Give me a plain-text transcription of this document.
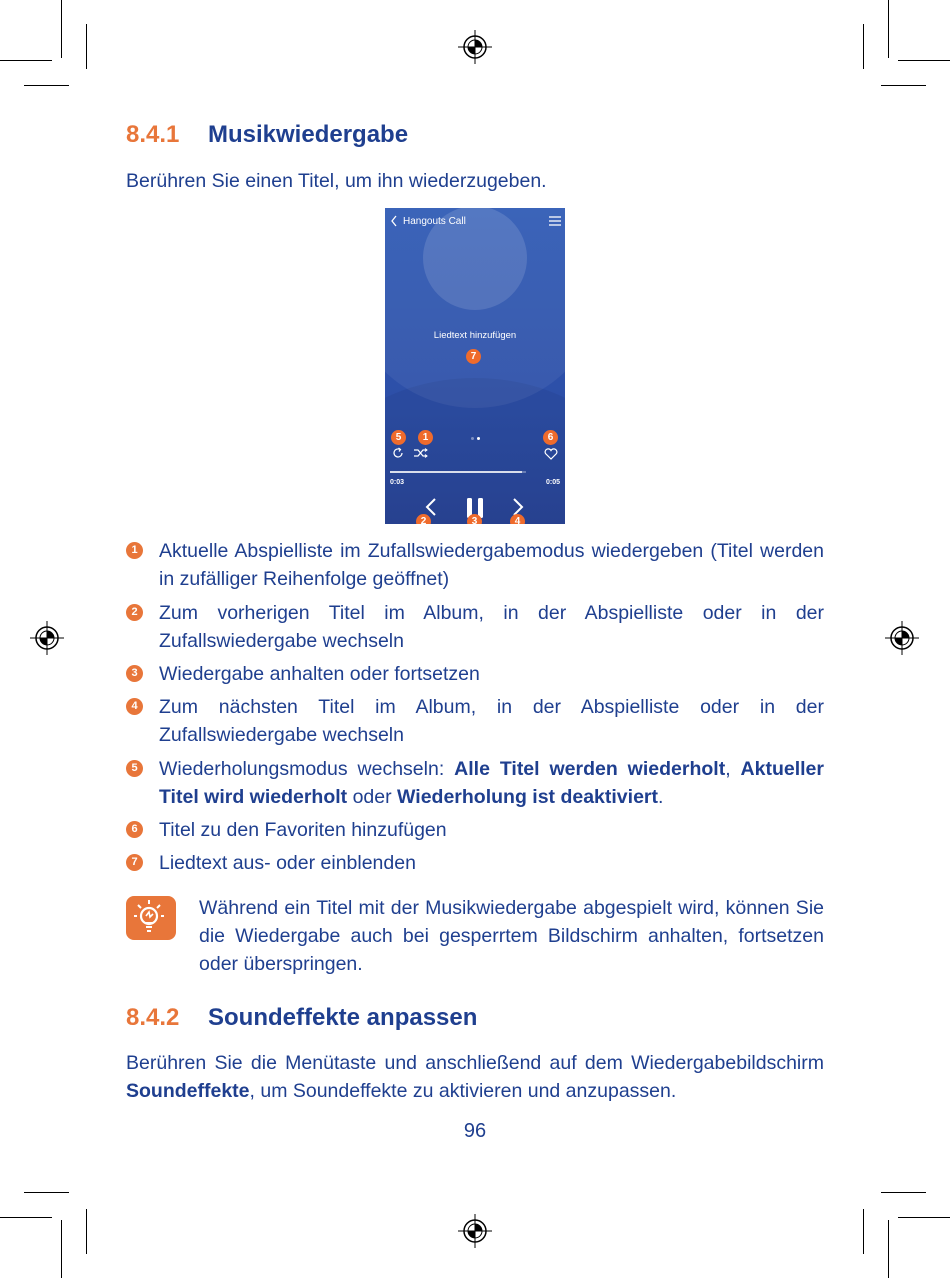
8.4.1 Musikwiedergabe
Berühren Sie einen Titel, um ihn wiederzugeben.
Hangouts Call
Liedtext hinzufügen
7
5	1	6
0:03	0:05
2	3	4
1 Aktuelle Abspielliste im Zufallswiedergabemodus wiedergeben (Titel werden in zufälliger Reihenfolge geöffnet)
2 Zum vorherigen Titel im Album, in der Abspielliste oder in der Zufallswiedergabe wechseln
3 Wiedergabe anhalten oder fortsetzen
4 Zum nächsten Titel im Album, in der Abspielliste oder in der Zufallswiedergabe wechseln
5 Wiederholungsmodus wechseln: Alle Titel werden wiederholt, Aktueller Titel wird wiederholt oder Wiederholung ist deaktiviert.
6 Titel zu den Favoriten hinzufügen
7 Liedtext aus- oder einblenden
Während ein Titel mit der Musikwiedergabe abgespielt wird, können Sie die Wiedergabe auch bei gesperrtem Bildschirm anhalten, fortsetzen oder überspringen.
8.4.2 Soundeffekte anpassen
Berühren Sie die Menütaste und anschließend auf dem Wiedergabebildschirm Soundeffekte, um Soundeffekte zu aktivieren und anzupassen.
96
